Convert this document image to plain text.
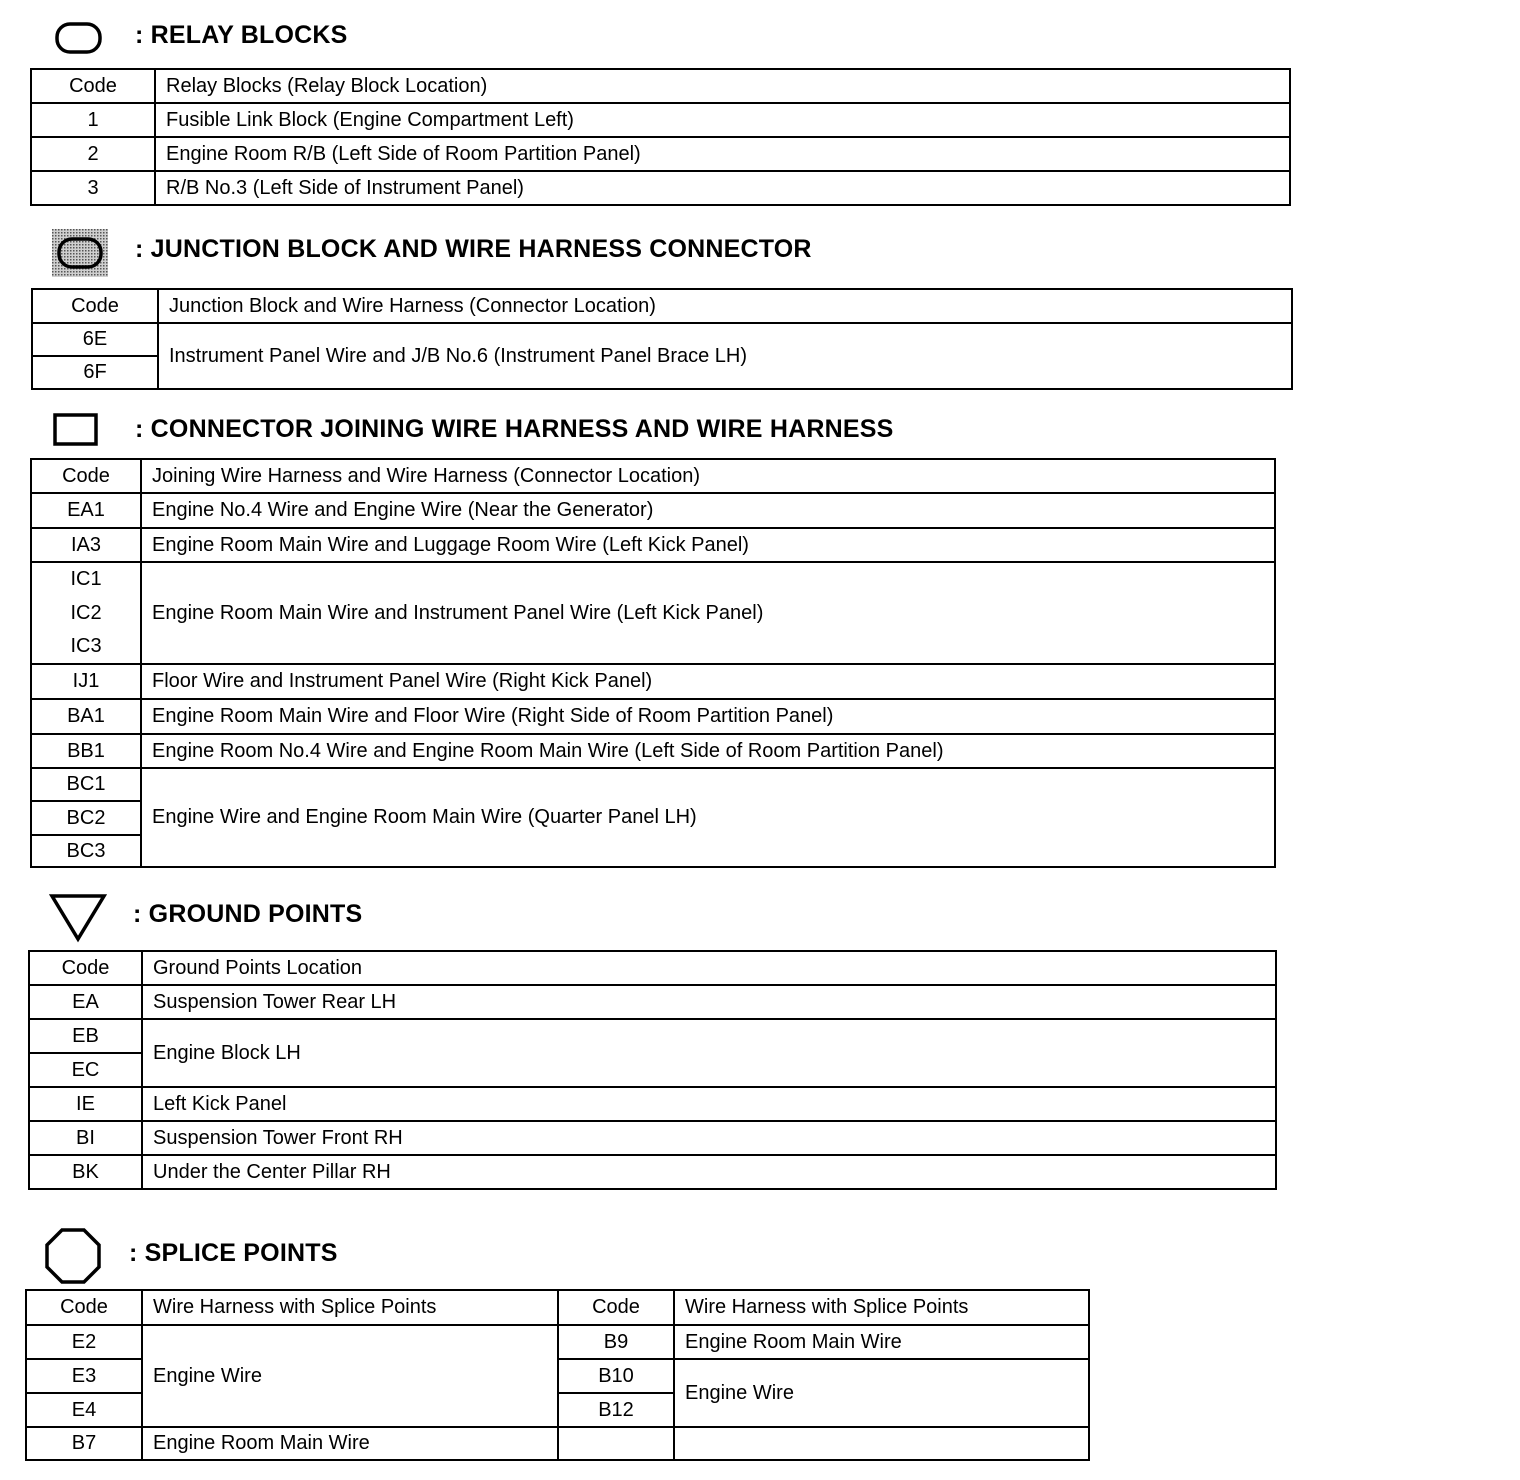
: RELAY BLOCKS
Code	Relay Blocks (Relay Block Location)
1	Fusible Link Block (Engine Compartment Left)
2	Engine Room R/B (Left Side of Room Partition Panel)
3	R/B No.3 (Left Side of Instrument Panel)
: JUNCTION BLOCK AND WIRE HARNESS CONNECTOR
Code	Junction Block and Wire Harness (Connector Location)
6E	Instrument Panel Wire and J/B No.6 (Instrument Panel Brace LH)
6F	
: CONNECTOR JOINING WIRE HARNESS AND WIRE HARNESS
Code	Joining Wire Harness and Wire Harness (Connector Location)
EA1	Engine No.4 Wire and Engine Wire (Near the Generator)
IA3	Engine Room Main Wire and Luggage Room Wire (Left Kick Panel)
IC1	Engine Room Main Wire and Instrument Panel Wire (Left Kick Panel)
IC2	
IC3	
IJ1	Floor Wire and Instrument Panel Wire (Right Kick Panel)
BA1	Engine Room Main Wire and Floor Wire (Right Side of Room Partition Panel)
BB1	Engine Room No.4 Wire and Engine Room Main Wire (Left Side of Room Partition Panel)
BC1	Engine Wire and Engine Room Main Wire (Quarter Panel LH)
BC2	
BC3	
: GROUND POINTS
Code	Ground Points Location
EA	Suspension Tower Rear LH
EB	Engine Block LH
EC	
IE	Left Kick Panel
BI	Suspension Tower Front RH
BK	Under the Center Pillar RH
: SPLICE POINTS
Code	Wire Harness with Splice Points	Code	Wire Harness with Splice Points
E2	Engine Wire	B9	Engine Room Main Wire
E3		B10	Engine Wire
E4		B12	
B7	Engine Room Main Wire		
